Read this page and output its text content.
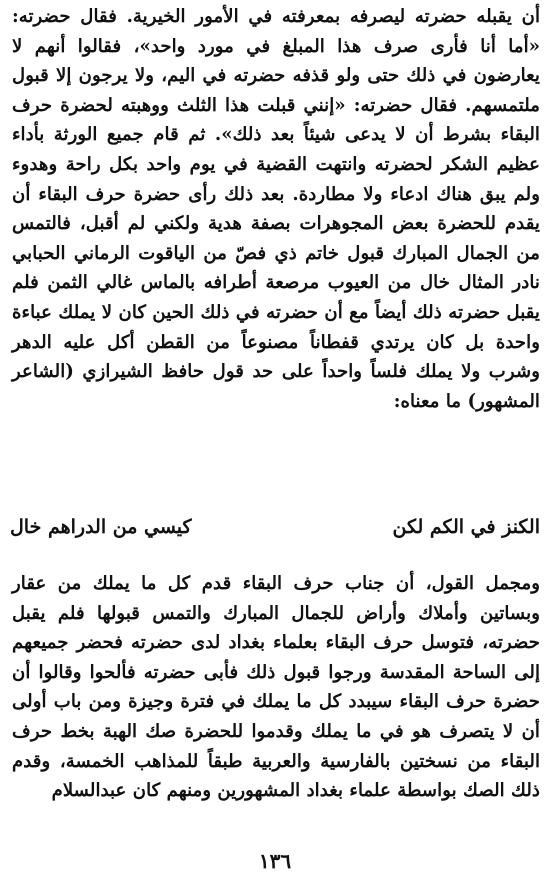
أن يقبله حضرته ليصرفه بمعرفته في الأمور الخيرية. فقال حضرته: «أما أنا فأرى صرف هذا المبلغ في مورد واحد»، فقالوا أنهم لا يعارضون في ذلك حتى ولو قذفه حضرته في اليم، ولا يرجون إلا قبول ملتمسهم. فقال حضرته: «إنني قبلت هذا الثلث ووهبته لحضرة حرف البقاء بشرط أن لا يدعى شيئاً بعد ذلك». ثم قام جميع الورثة بأداء عظيم الشكر لحضرته وانتهت القضية في يوم واحد بكل راحة وهدوء ولم يبق هناك ادعاء ولا مطاردة. بعد ذلك رأى حضرة حرف البقاء أن يقدم للحضرة بعض المجوهرات بصفة هدية ولكني لم أقبل، فالتمس من الجمال المبارك قبول خاتم ذي فصّ من الياقوت الرماني الحبابي نادر المثال خال من العيوب مرصعة أطرافه بالماس غالي الثمن فلم يقبل حضرته ذلك أيضاً مع أن حضرته في ذلك الحين كان لا يملك عباءة واحدة بل كان يرتدي قفطاناً مصنوعاً من القطن أكل عليه الدهر وشرب ولا يملك فلساً واحداً على حد قول حافظ الشيرازي (الشاعر المشهور) ما معناه:

الكنز في الكم لكن
كيسي من الدراهم خال

ومجمل القول، أن جناب حرف البقاء قدم كل ما يملك من عقار وبساتين وأملاك وأراض للجمال المبارك والتمس قبولها فلم يقبل حضرته، فتوسل حرف البقاء بعلماء بغداد لدى حضرته فحضر جميعهم إلى الساحة المقدسة ورجوا قبول ذلك فأبى حضرته فألحوا وقالوا أن حضرة حرف البقاء سيبدد كل ما يملك في فترة وجيزة ومن باب أولى أن لا يتصرف هو في ما يملك وقدموا للحضرة صك الهبة بخط حرف البقاء من نسختين بالفارسية والعربية طبقاً للمذاهب الخمسة، وقدم ذلك الصك بواسطة علماء بغداد المشهورين ومنهم كان عبدالسلام

١٣٦
